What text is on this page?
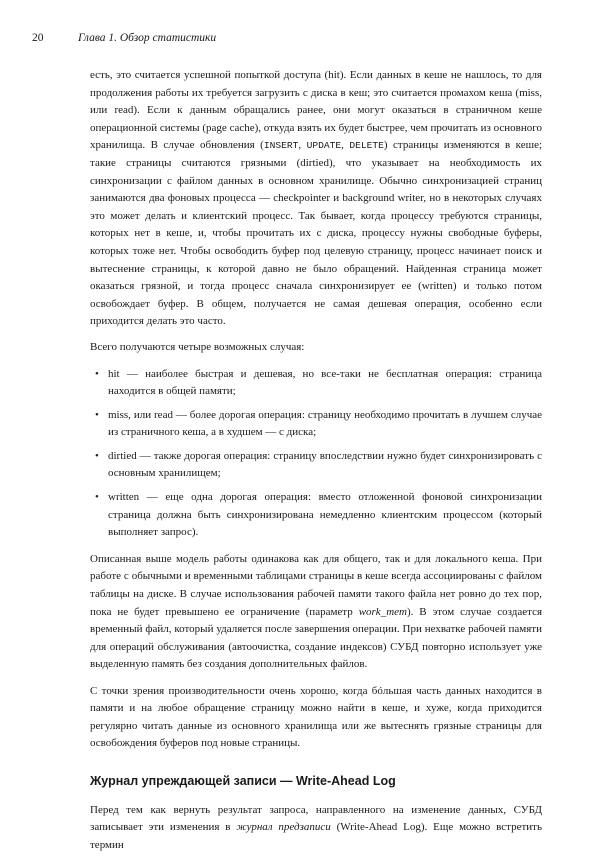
20	Глава 1. Обзор статистики

есть, это считается успешной попыткой доступа (hit). Если данных в кеше не нашлось, то для продолжения работы их требуется загрузить с диска в кеш; это считается промахом кеша (miss, или read). Если к данным обращались ранее, они могут оказаться в страничном кеше операционной системы (page cache), откуда взять их будет быстрее, чем прочитать из основного хранилища. В случае обновления (INSERT, UPDATE, DELETE) страницы изменяются в кеше; такие страницы считаются грязными (dirtied), что указывает на необходимость их синхронизации с файлом данных в основном хранилище. Обычно синхронизацией страниц занимаются два фоновых процесса — checkpointer и background writer, но в некоторых случаях это может делать и клиентский процесс. Так бывает, когда процессу требуются страницы, которых нет в кеше, и, чтобы прочитать их с диска, процессу нужны свободные буферы, которых тоже нет. Чтобы освободить буфер под целевую страницу, процесс начинает поиск и вытеснение страницы, к которой давно не было обращений. Найденная страница может оказаться грязной, и тогда процесс сначала синхронизирует ее (written) и только потом освобождает буфер. В общем, получается не самая дешевая операция, особенно если приходится делать это часто.

Всего получаются четыре возможных случая:

• hit — наиболее быстрая и дешевая, но все-таки не бесплатная операция: страница находится в общей памяти;
• miss, или read — более дорогая операция: страницу необходимо прочитать в лучшем случае из страничного кеша, а в худшем — с диска;
• dirtied — также дорогая операция: страницу впоследствии нужно будет синхронизировать с основным хранилищем;
• written — еще одна дорогая операция: вместо отложенной фоновой синхронизации страница должна быть синхронизирована немедленно клиентским процессом (который выполняет запрос).

Описанная выше модель работы одинакова как для общего, так и для локального кеша. При работе с обычными и временными таблицами страницы в кеше всегда ассоциированы с файлом таблицы на диске. В случае использования рабочей памяти такого файла нет ровно до тех пор, пока не будет превышено ее ограничение (параметр work_mem). В этом случае создается временный файл, который удаляется после завершения операции. При нехватке рабочей памяти для операций обслуживания (автоочистка, создание индексов) СУБД повторно использует уже выделенную память без создания дополнительных файлов.

С точки зрения производительности очень хорошо, когда бóльшая часть данных находится в памяти и на любое обращение страницу можно найти в кеше, и хуже, когда приходится регулярно читать данные из основного хранилища или же вытеснять грязные страницы для освобождения буферов под новые страницы.

Журнал упреждающей записи — Write-Ahead Log

Перед тем как вернуть результат запроса, направленного на изменение данных, СУБД записывает эти изменения в журнал предзаписи (Write-Ahead Log). Еще можно встретить термин
